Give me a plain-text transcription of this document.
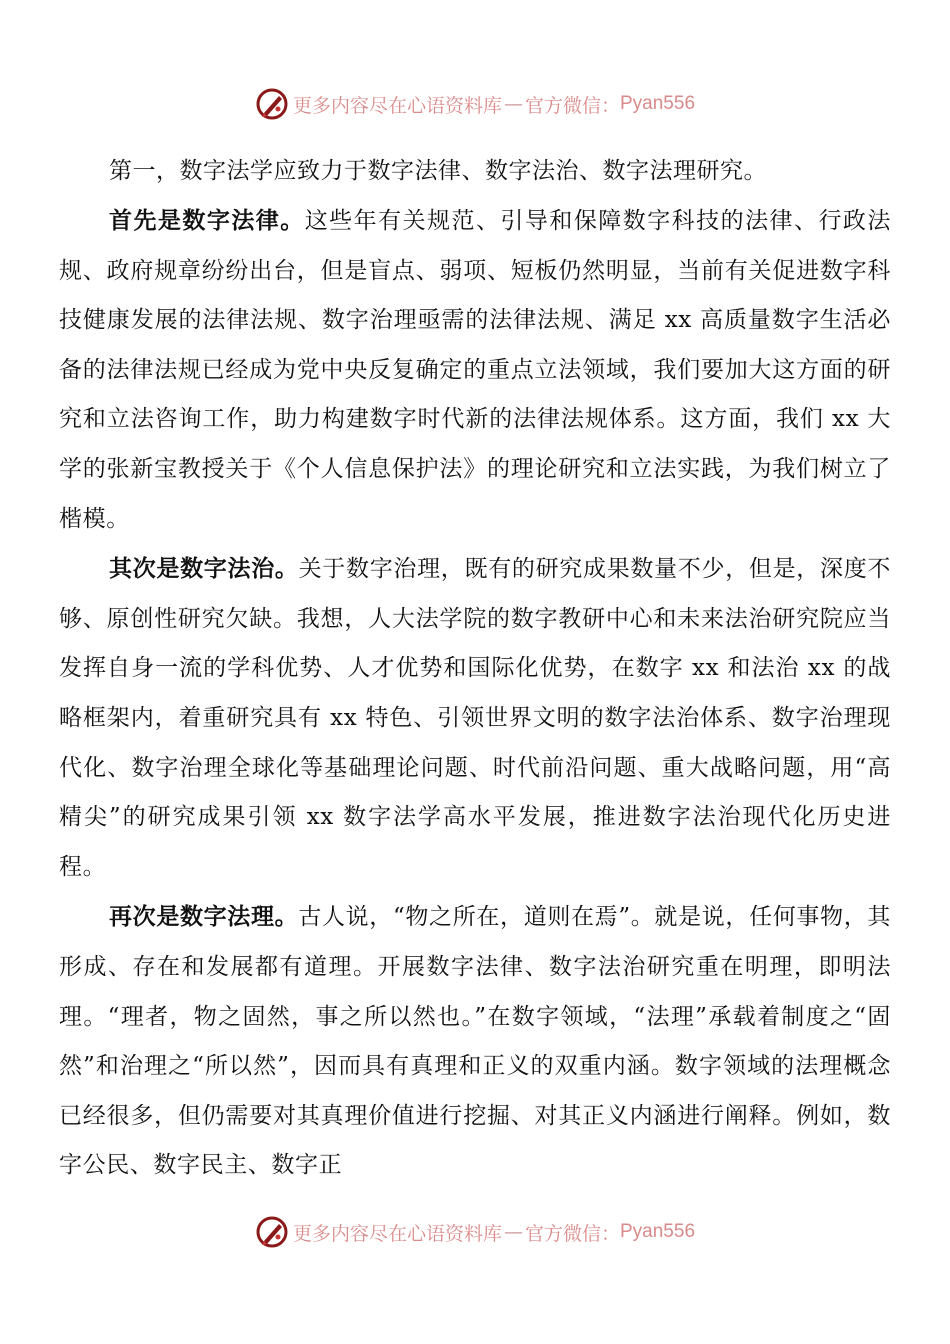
更多内容尽在心语资料库 — 官方微信： Pyan556

第一，数字法学应致力于数字法律、数字法治、数字法理研究。

首先是数字法律。这些年有关规范、引导和保障数字科技的法律、行政法规、政府规章纷纷出台，但是盲点、弱项、短板仍然明显，当前有关促进数字科技健康发展的法律法规、数字治理亟需的法律法规、满足 xx 高质量数字生活必备的法律法规已经成为党中央反复确定的重点立法领域，我们要加大这方面的研究和立法咨询工作，助力构建数字时代新的法律法规体系。这方面，我们 xx 大学的张新宝教授关于《个人信息保护法》的理论研究和立法实践，为我们树立了楷模。

其次是数字法治。关于数字治理，既有的研究成果数量不少，但是，深度不够、原创性研究欠缺。我想，人大法学院的数字教研中心和未来法治研究院应当发挥自身一流的学科优势、人才优势和国际化优势，在数字 xx 和法治 xx 的战略框架内，着重研究具有 xx 特色、引领世界文明的数字法治体系、数字治理现代化、数字治理全球化等基础理论问题、时代前沿问题、重大战略问题，用“高精尖”的研究成果引领 xx 数字法学高水平发展，推进数字法治现代化历史进程。

再次是数字法理。古人说，“物之所在，道则在焉”。就是说，任何事物，其形成、存在和发展都有道理。开展数字法律、数字法治研究重在明理，即明法理。“理者，物之固然，事之所以然也。”在数字领域，“法理”承载着制度之“固然”和治理之“所以然”，因而具有真理和正义的双重内涵。数字领域的法理概念已经很多，但仍需要对其真理价值进行挖掘、对其正义内涵进行阐释。例如，数字公民、数字民主、数字正

更多内容尽在心语资料库 — 官方微信： Pyan556
